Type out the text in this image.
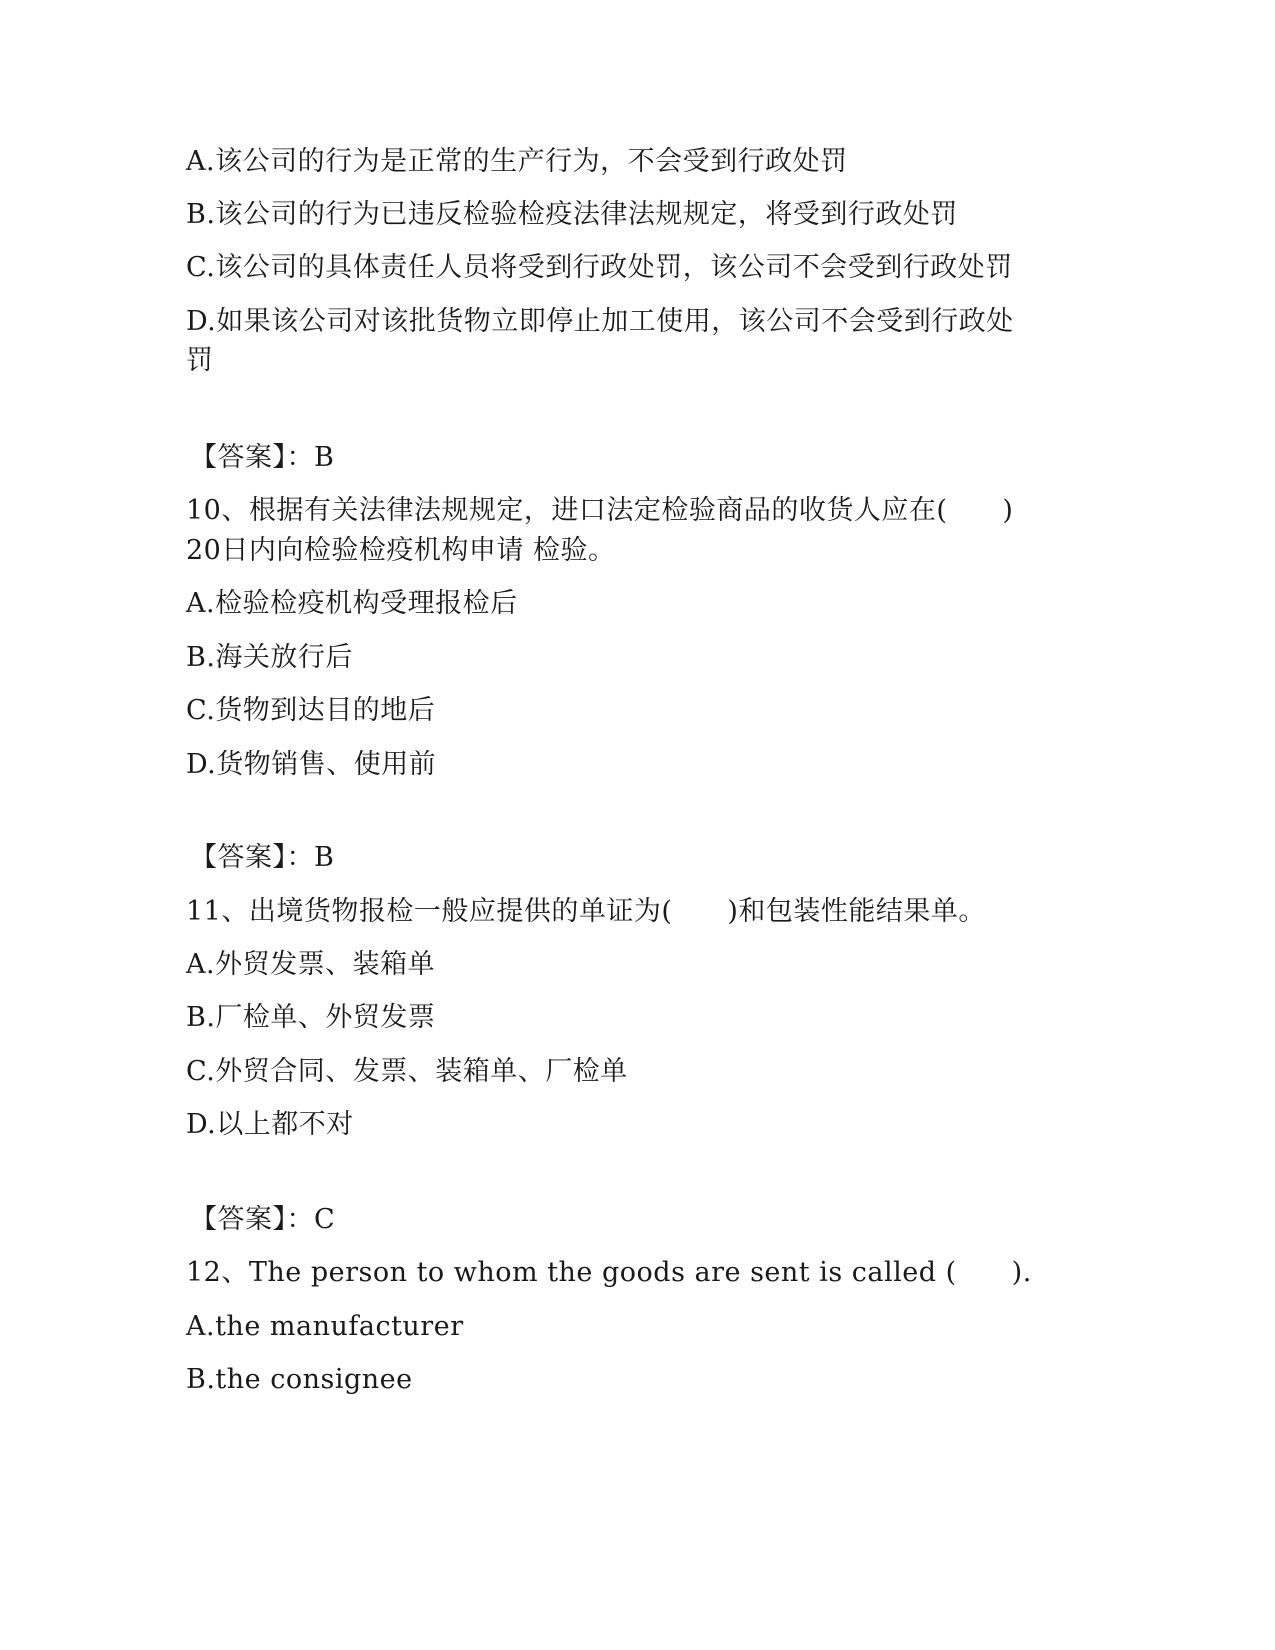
A.该公司的行为是正常的生产行为，不会受到行政处罚
B.该公司的行为已违反检验检疫法律法规规定，将受到行政处罚
C.该公司的具体责任人员将受到行政处罚，该公司不会受到行政处罚
D.如果该公司对该批货物立即停止加工使用，该公司不会受到行政处
罚
【答案】：B
10、根据有关法律法规规定，进口法定检验商品的收货人应在(　　)
20日内向检验检疫机构申请 检验。
A.检验检疫机构受理报检后
B.海关放行后
C.货物到达目的地后
D.货物销售、使用前
【答案】：B
11、出境货物报检一般应提供的单证为(　　)和包装性能结果单。
A.外贸发票、装箱单
B.厂检单、外贸发票
C.外贸合同、发票、装箱单、厂检单
D.以上都不对
【答案】：C
12、The person to whom the goods are sent is called (　　).
A.the manufacturer
B.the consignee
